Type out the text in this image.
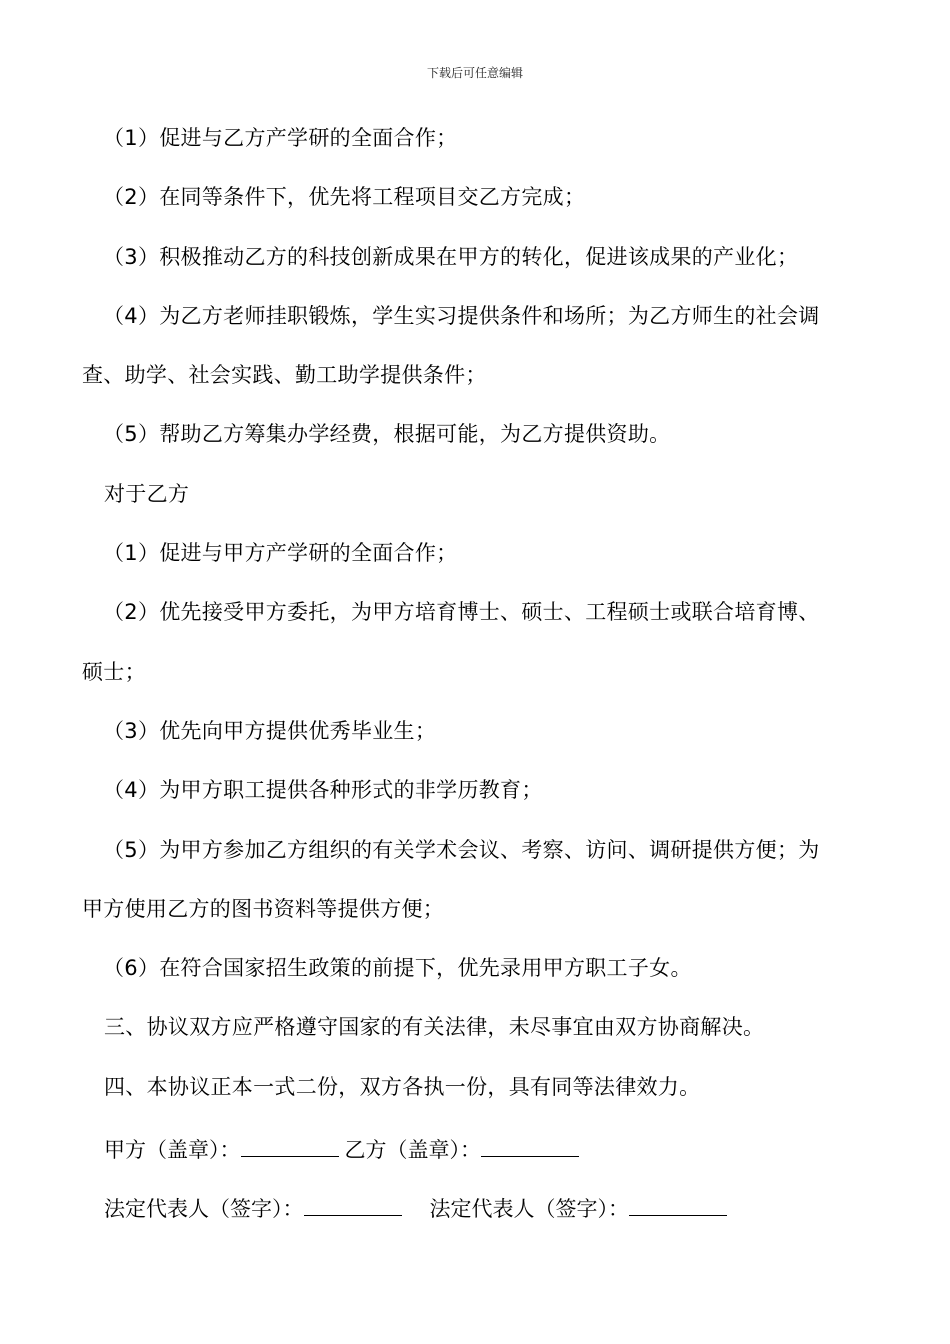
下载后可任意编辑
（1）促进与乙方产学研的全面合作；
（2）在同等条件下，优先将工程项目交乙方完成；
（3）积极推动乙方的科技创新成果在甲方的转化，促进该成果的产业化；
（4）为乙方老师挂职锻炼，学生实习提供条件和场所；为乙方师生的社会调
查、助学、社会实践、勤工助学提供条件；
（5）帮助乙方筹集办学经费，根据可能，为乙方提供资助。
对于乙方
（1）促进与甲方产学研的全面合作；
（2）优先接受甲方委托，为甲方培育博士、硕士、工程硕士或联合培育博、
硕士；
（3）优先向甲方提供优秀毕业生；
（4）为甲方职工提供各种形式的非学历教育；
（5）为甲方参加乙方组织的有关学术会议、考察、访问、调研提供方便；为
甲方使用乙方的图书资料等提供方便；
（6）在符合国家招生政策的前提下，优先录用甲方职工子女。
三、协议双方应严格遵守国家的有关法律，未尽事宜由双方协商解决。
四、本协议正本一式二份，双方各执一份，具有同等法律效力。
甲方（盖章）：	乙方（盖章）：
法定代表人（签字）：	法定代表人（签字）：
